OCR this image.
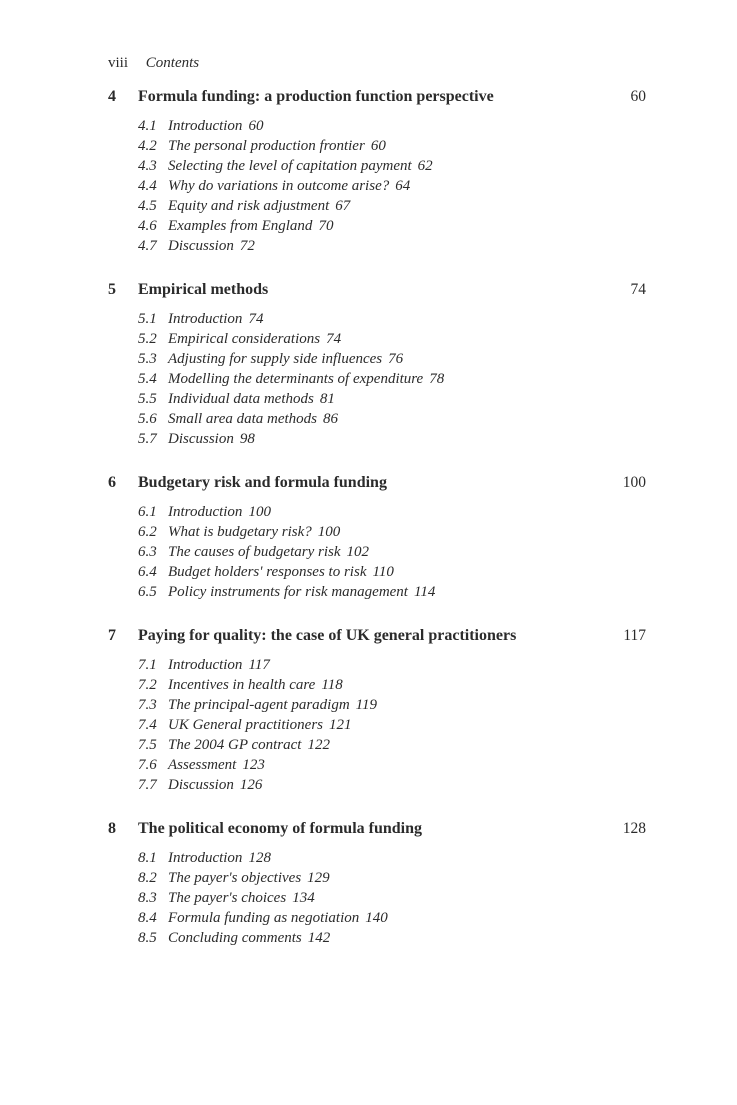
viii Contents
4 Formula funding: a production function perspective	60
4.1 Introduction 60
4.2 The personal production frontier 60
4.3 Selecting the level of capitation payment 62
4.4 Why do variations in outcome arise? 64
4.5 Equity and risk adjustment 67
4.6 Examples from England 70
4.7 Discussion 72
5 Empirical methods	74
5.1 Introduction 74
5.2 Empirical considerations 74
5.3 Adjusting for supply side influences 76
5.4 Modelling the determinants of expenditure 78
5.5 Individual data methods 81
5.6 Small area data methods 86
5.7 Discussion 98
6 Budgetary risk and formula funding	100
6.1 Introduction 100
6.2 What is budgetary risk? 100
6.3 The causes of budgetary risk 102
6.4 Budget holders' responses to risk 110
6.5 Policy instruments for risk management 114
7 Paying for quality: the case of UK general practitioners	117
7.1 Introduction 117
7.2 Incentives in health care 118
7.3 The principal-agent paradigm 119
7.4 UK General practitioners 121
7.5 The 2004 GP contract 122
7.6 Assessment 123
7.7 Discussion 126
8 The political economy of formula funding	128
8.1 Introduction 128
8.2 The payer's objectives 129
8.3 The payer's choices 134
8.4 Formula funding as negotiation 140
8.5 Concluding comments 142
